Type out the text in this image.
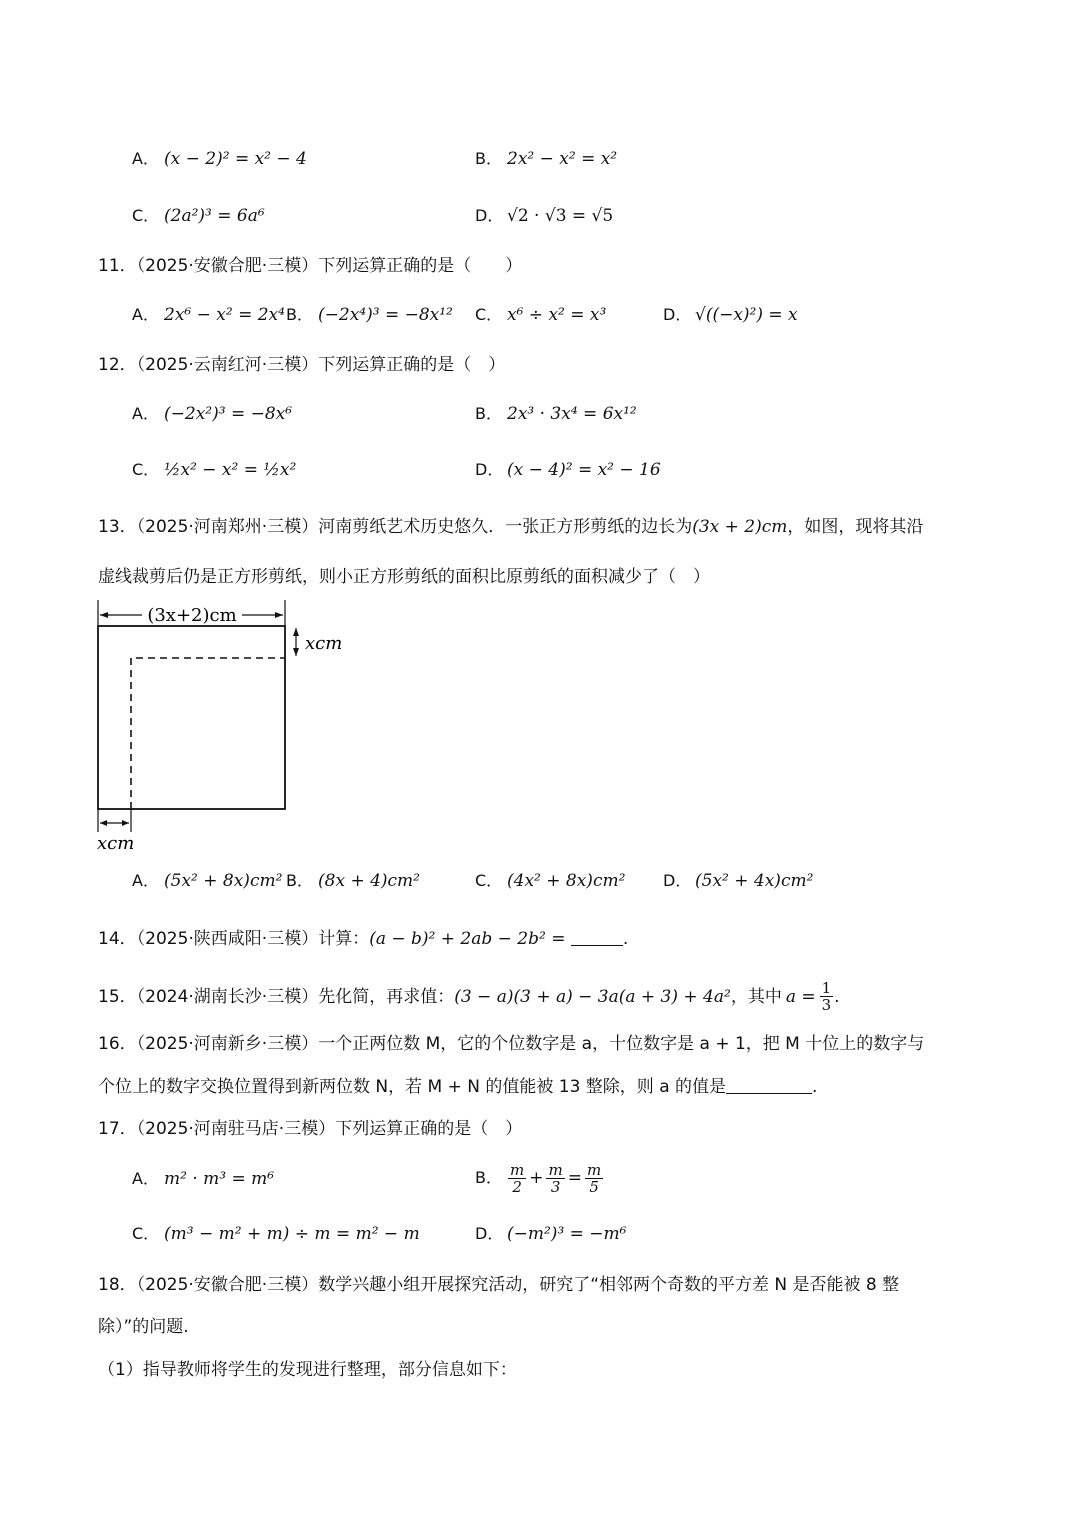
A． (x − 2)² = x² − 4	B． 2x² − x² = x²
C． (2a²)³ = 6a⁶	D． √2 · √3 = √5
11．（2025·安徽合肥·三模）下列运算正确的是（　　）
A． 2x⁶ − x² = 2x⁴ B． (−2x⁴)³ = −8x¹² C． x⁶ ÷ x² = x³	D． √((−x)²) = x
12．（2025·云南红河·三模）下列运算正确的是（　）
A． (−2x²)³ = −8x⁶	B． 2x³ · 3x⁴ = 6x¹²
C． ½x² − x² = ½x²	D． (x − 4)² = x² − 16
13．（2025·河南郑州·三模）河南剪纸艺术历史悠久．一张正方形剪纸的边长为(3x + 2)cm，如图，现将其沿
虚线裁剪后仍是正方形剪纸，则小正方形剪纸的面积比原剪纸的面积减少了（　）
(3x+2)cm
xcm
xcm
A． (5x² + 8x)cm² B． (8x + 4)cm²	C． (4x² + 8x)cm² D． (5x² + 4x)cm²
14．（2025·陕西咸阳·三模）计算：(a − b)² + 2ab − 2b² =	.
15．（2024·湖南长沙·三模）先化简，再求值： (3 − a)(3 + a) − 3a(a + 3) + 4a² ，其中 $a = \frac{1}{3}$ .
16．（2025·河南新乡·三模）一个正两位数 M，它的个位数字是 a，十位数字是 a + 1，把 M 十位上的数字与
个位上的数字交换位置得到新两位数 N，若 M + N 的值能被 13 整除，则 a 的值是	.
17．（2025·河南驻马店·三模）下列运算正确的是（　）
A． m² · m³ = m⁶	B． $\frac{m}{2} + \frac{m}{3} = \frac{m}{5}$
C． (m³ − m² + m) ÷ m = m² − m	D． (−m²)³ = −m⁶
18．（2025·安徽合肥·三模）数学兴趣小组开展探究活动，研究了“相邻两个奇数的平方差 N 是否能被 8 整
除）”的问题.
（1）指导教师将学生的发现进行整理，部分信息如下：
